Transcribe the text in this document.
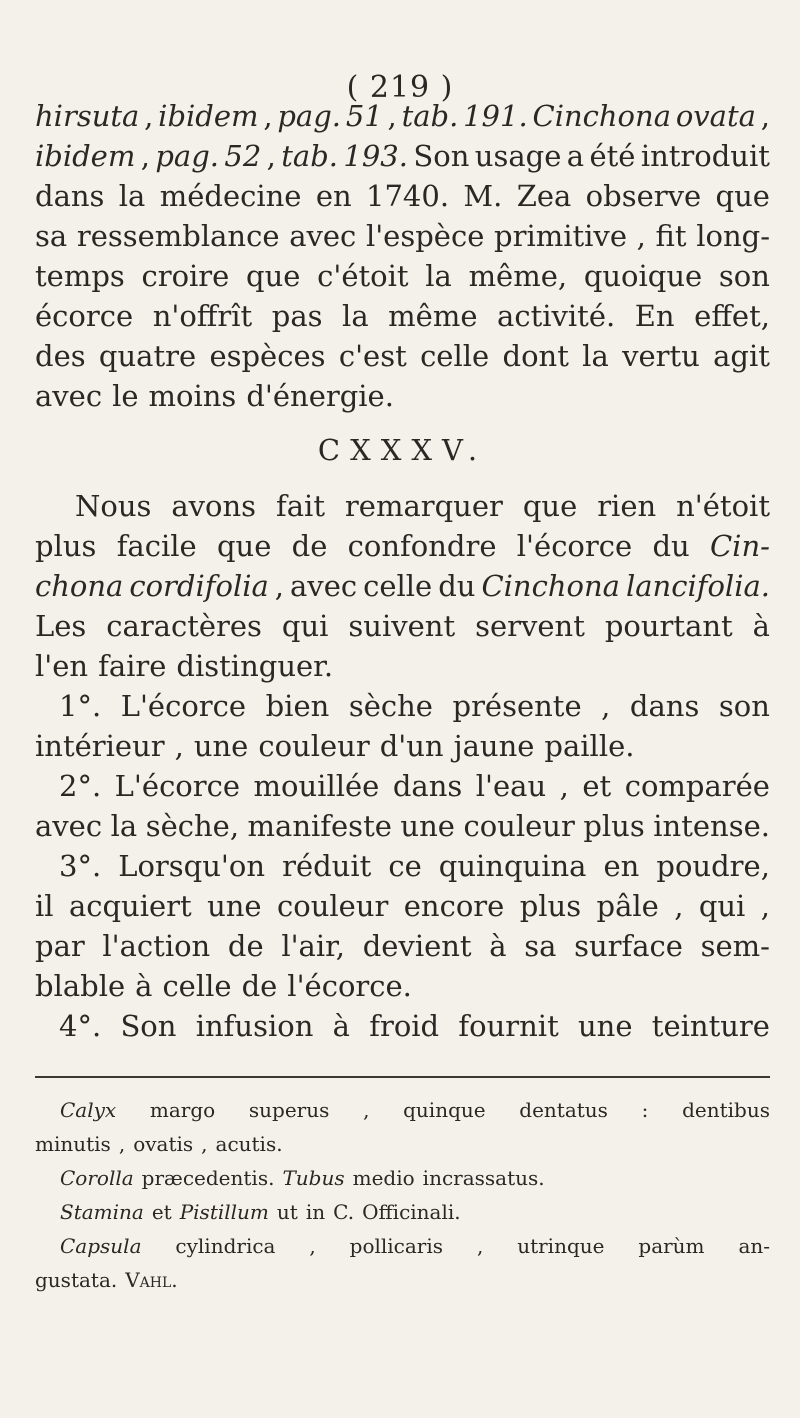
( 219 )
hirsuta , ibidem , pag. 51 , tab. 191. Cinchona ovata ,
ibidem , pag. 52 , tab. 193. Son usage a été introduit
dans la médecine en 1740. M. Zea observe que
sa ressemblance avec l'espèce primitive , fit long-
temps croire que c'étoit la même, quoique son
écorce n'offrît pas la même activité. En effet,
des quatre espèces c'est celle dont la vertu agit
avec le moins d'énergie.
CXXXV.
Nous avons fait remarquer que rien n'étoit
plus facile que de confondre l'écorce du Cin-
chona cordifolia , avec celle du Cinchona lancifolia.
Les caractères qui suivent servent pourtant à
l'en faire distinguer.
1°. L'écorce bien sèche présente , dans son
intérieur , une couleur d'un jaune paille.
2°. L'écorce mouillée dans l'eau , et comparée
avec la sèche, manifeste une couleur plus intense.
3°. Lorsqu'on réduit ce quinquina en poudre,
il acquiert une couleur encore plus pâle , qui ,
par l'action de l'air, devient à sa surface sem-
blable à celle de l'écorce.
4°. Son infusion à froid fournit une teinture
Calyx margo superus , quinque dentatus : dentibus
minutis , ovatis , acutis.
Corolla præcedentis. Tubus medio incrassatus.
Stamina et Pistillum ut in C. Officinali.
Capsula cylindrica , pollicaris , utrinque parùm an-
gustata. Vahl.
